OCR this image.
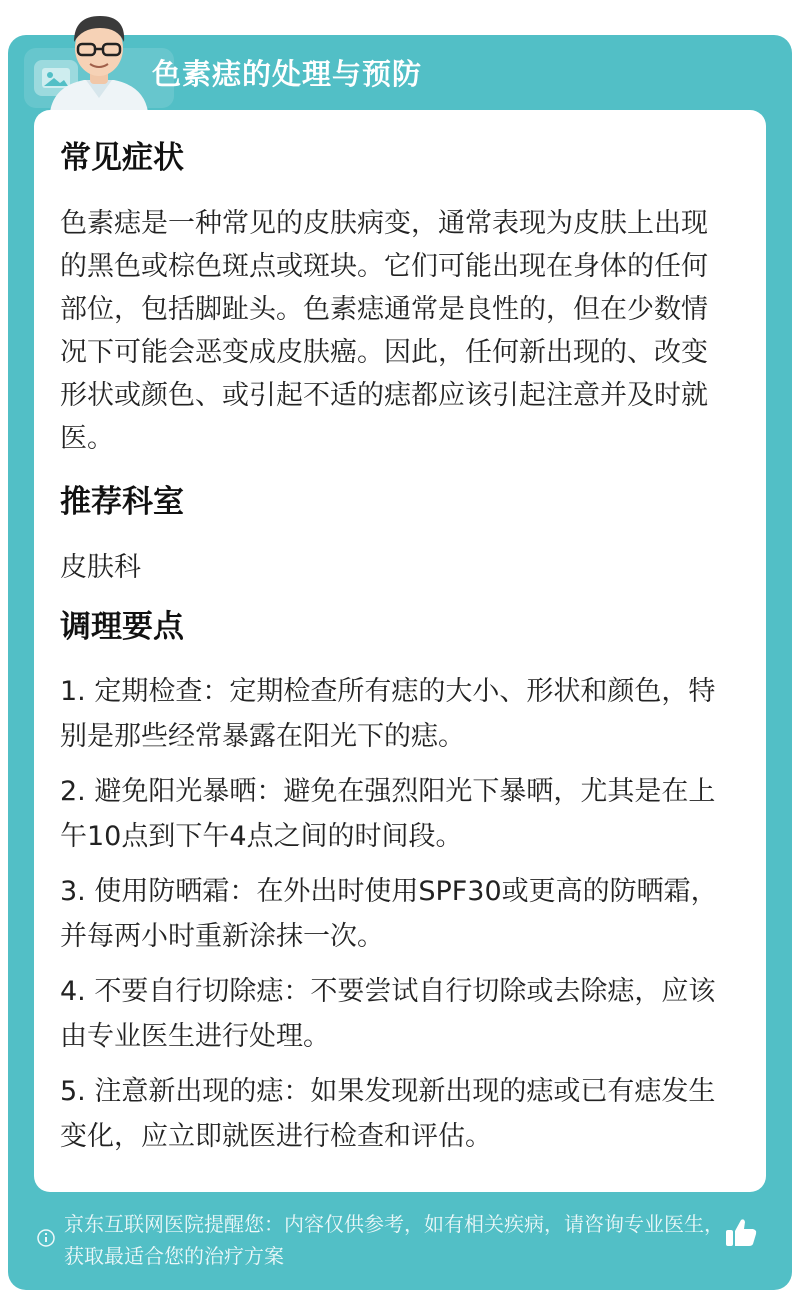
色素痣的处理与预防
常见症状

色素痣是一种常见的皮肤病变，通常表现为皮肤上出现的黑色或棕色斑点或斑块。它们可能出现在身体的任何部位，包括脚趾头。色素痣通常是良性的，但在少数情况下可能会恶变成皮肤癌。因此，任何新出现的、改变形状或颜色、或引起不适的痣都应该引起注意并及时就医。

推荐科室

皮肤科

调理要点

1. 定期检查：定期检查所有痣的大小、形状和颜色，特别是那些经常暴露在阳光下的痣。

2. 避免阳光暴晒：避免在强烈阳光下暴晒，尤其是在上午10点到下午4点之间的时间段。

3. 使用防晒霜：在外出时使用SPF30或更高的防晒霜，并每两小时重新涂抹一次。

4. 不要自行切除痣：不要尝试自行切除或去除痣，应该由专业医生进行处理。

5. 注意新出现的痣：如果发现新出现的痣或已有痣发生变化，应立即就医进行检查和评估。

京东互联网医院提醒您：内容仅供参考，如有相关疾病，请咨询专业医生，获取最适合您的治疗方案
